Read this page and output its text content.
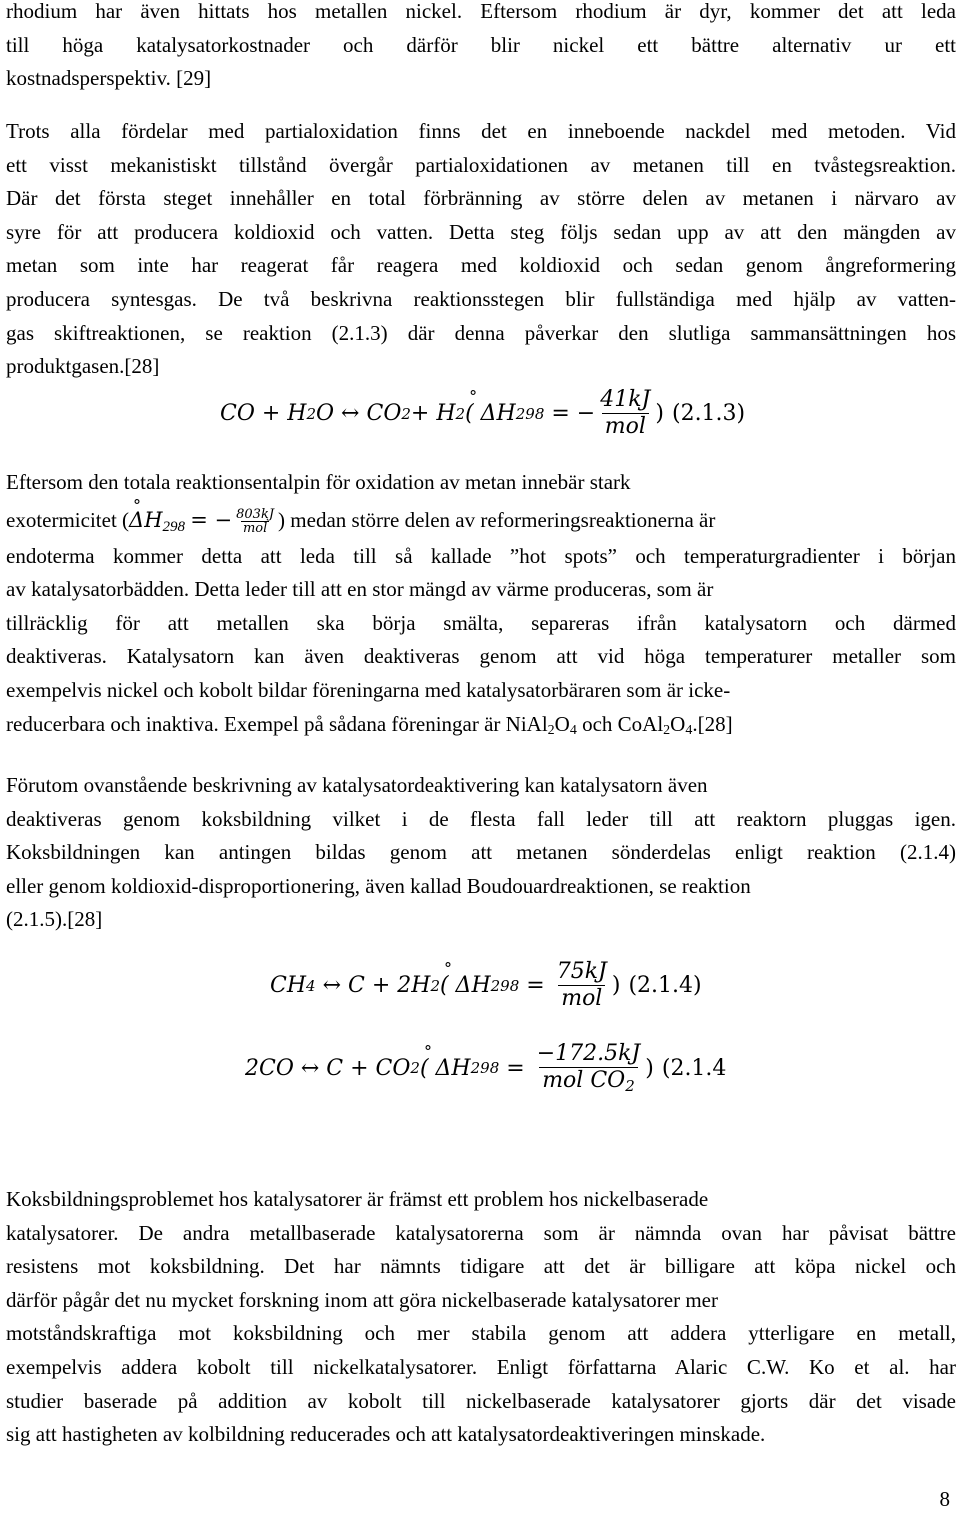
rhodium har även hittats hos metallen nickel. Eftersom rhodium är dyr, kommer det att leda
till höga katalysatorkostnader och därför blir nickel ett bättre alternativ ur ett
kostnadsperspektiv. [29]
Trots alla fördelar med partialoxidation finns det en inneboende nackdel med metoden. Vid
ett visst mekanistiskt tillstånd övergår partialoxidationen av metanen till en tvåstegsreaktion.
Där det första steget innehåller en total förbränning av större delen av metanen i närvaro av
syre för att producera koldioxid och vatten. Detta steg följs sedan upp av att den mängden av
metan som inte har reagerat får reagera med koldioxid och sedan genom ångreformering
producera syntesgas. De två beskrivna reaktionsstegen blir fullständiga med hjälp av vatten-
gas skiftreaktionen, se reaktion (2.1.3) där denna påverkar den slutliga sammansättningen hos
produktgasen.[28]
CO + H 2 O ↔ CO 2 + H 2 ° ( ΔH 298 = − $\frac{41kJ}{\text{mol}}$ ) (2.1.3)
Eftersom den totala reaktionsentalpin för oxidation av metan innebär stark
exotermicitet (° $\Delta H_{298}$ = − $\frac{803kJ}{\text{mol}}$ ) medan större delen av reformeringsreaktionerna är
endoterma kommer detta att leda till så kallade ”hot spots” och temperaturgradienter i början
av katalysatorbädden. Detta leder till att en stor mängd av värme produceras, som är
tillräcklig för att metallen ska börja smälta, separeras ifrån katalysatorn och därmed
deaktiveras. Katalysatorn kan även deaktiveras genom att vid höga temperaturer metaller som
exempelvis nickel och kobolt bildar föreningarna med katalysatorbäraren som är icke-
reducerbara och inaktiva. Exempel på sådana föreningar är $NiAl_2O_4$ och $CoAl_2O_4.[28]$
Förutom ovanstående beskrivning av katalysatordeaktivering kan katalysatorn även
deaktiveras genom koksbildning vilket i de flesta fall leder till att reaktorn pluggas igen.
Koksbildningen kan antingen bildas genom att metanen sönderdelas enligt reaktion (2.1.4)
eller genom koldioxid-disproportionering, även kallad Boudouardreaktionen, se reaktion
(2.1.5).[28]
CH 4 ↔ C + 2H 2 ° ( ΔH $298 = \frac{75kJ}{\text{mol}}$ ) (2.1.4)
2CO ↔ C + CO 2 ° ( ΔH $298 = \frac{-172.5kJ}{mol CO_2}$ ) (2.1.4
Koksbildningsproblemet hos katalysatorer är främst ett problem hos nickelbaserade
katalysatorer. De andra metallbaserade katalysatorerna som är nämnda ovan har påvisat bättre
resistens mot koksbildning. Det har nämnts tidigare att det är billigare att köpa nickel och
därför pågår det nu mycket forskning inom att göra nickelbaserade katalysatorer mer
motståndskraftiga mot koksbildning och mer stabila genom att addera ytterligare en metall,
exempelvis addera kobolt till nickelkatalysatorer. Enligt författarna Alaric C.W. Ko et al. har
studier baserade på addition av kobolt till nickelbaserade katalysatorer gjorts där det visade
sig att hastigheten av kolbildning reducerades och att katalysatordeaktiveringen minskade.
8
